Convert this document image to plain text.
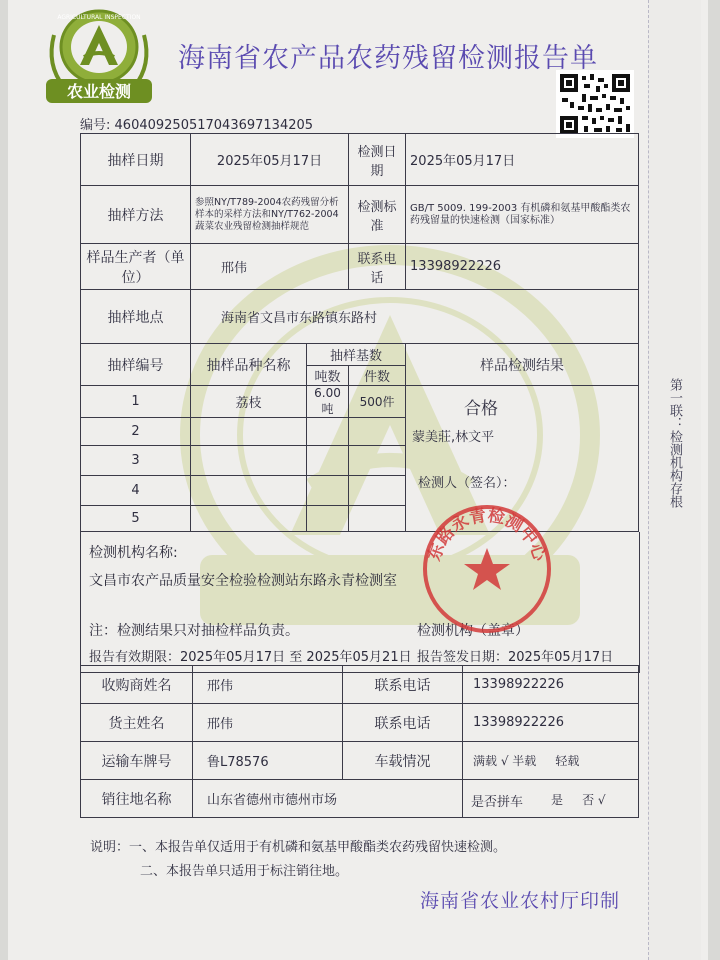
第一联：检测机构存根
农业检测
AGRICULTURAL INSPECTION
海南省农产品农药残留检测报告单
编号: 46040925051704369713420​5
抽样日期	2025年05月17日		检测日期	2025年05月17日
抽样方法	参照NY/T789-2004农药残留分析样本的采样方法和NY/T762-2004蔬菜农业残留检测抽样规范		检测标准	GB/T 5009. 199-2003 有机磷和氨基甲酸酯类农药残留量的快速检测（国家标准）
样品生产者（单位）	邢伟		联系电话	13398922226
抽样地点	海南省文昌市东路镇东路村			
抽样编号	抽样品种名称	抽样基数		样品检测结果
		吨数	件数	
1	荔枝	6.00吨	500件	合格
蒙美莊,林文平
检测人（签名）：

2				
3				
4				
5				
检测机构名称:
文昌市农产品质量安全检验检测站东路永青检测室
注：检测结果只对抽检样品负责。	检测机构（盖章）
报告有效期限：2025年05月17日 至 2025年05月21日 报告签发日期：2025年05月17日
东路永青检测中心
收购商姓名	邢伟	联系电话	13398922226
货主姓名	邢伟	联系电话	13398922226
运输车牌号	鲁L78576	车载情况	满载 √ 半载     轻载
销往地名称	山东省德州市德州市场		是否拼车 是     否 √
说明：一、本报告单仅适用于有机磷和氨基甲酸酯类农药残留快速检测。
二、本报告单只适用于标注销往地。
海南省农业农村厅印制
